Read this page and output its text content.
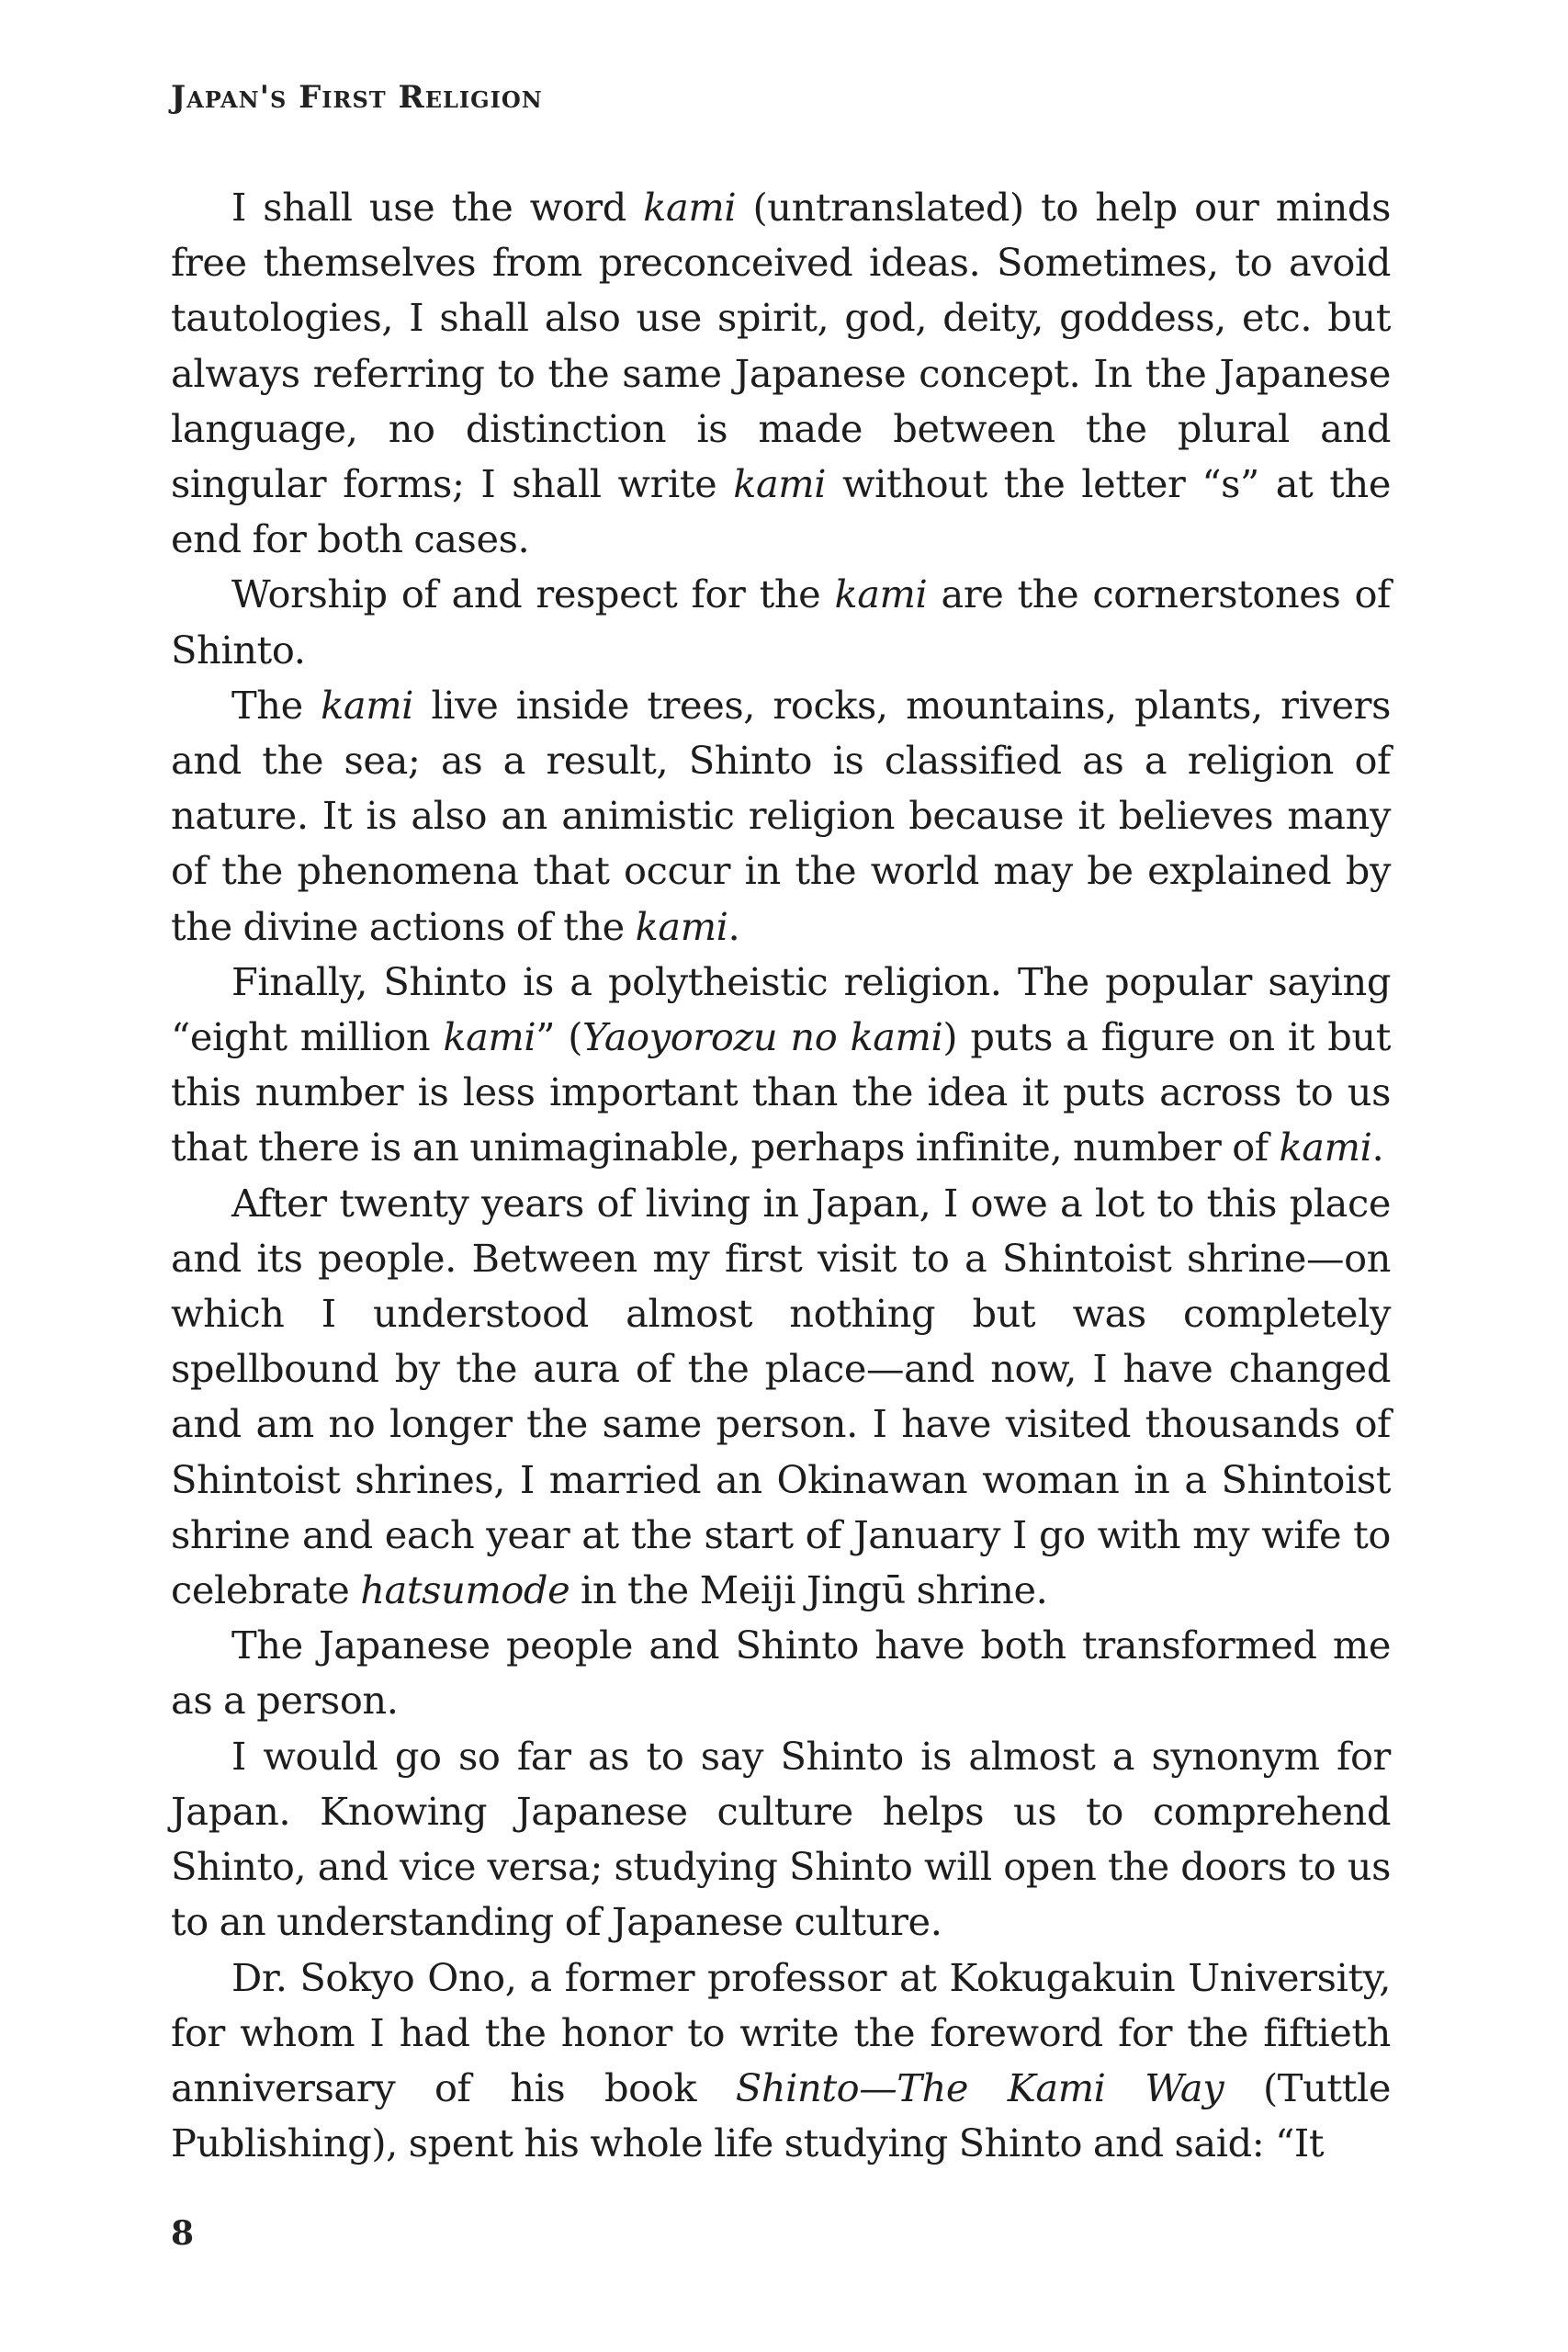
Japan's First Religion

I shall use the word kami (untranslated) to help our minds free themselves from preconceived ideas. Sometimes, to avoid tautologies, I shall also use spirit, god, deity, goddess, etc. but always referring to the same Japanese concept. In the Japanese language, no distinction is made between the plural and singular forms; I shall write kami without the letter “s” at the end for both cases.

Worship of and respect for the kami are the cornerstones of Shinto.

The kami live inside trees, rocks, mountains, plants, rivers and the sea; as a result, Shinto is classified as a religion of nature. It is also an animistic religion because it believes many of the phenomena that occur in the world may be explained by the divine actions of the kami.

Finally, Shinto is a polytheistic religion. The popular saying “eight million kami” (Yaoyorozu no kami) puts a figure on it but this number is less important than the idea it puts across to us that there is an unimaginable, perhaps infinite, number of kami.

After twenty years of living in Japan, I owe a lot to this place and its people. Between my first visit to a Shintoist shrine—on which I understood almost nothing but was completely spellbound by the aura of the place—and now, I have changed and am no longer the same person. I have visited thousands of Shintoist shrines, I married an Okinawan woman in a Shintoist shrine and each year at the start of January I go with my wife to celebrate hatsumode in the Meiji Jingū shrine.

The Japanese people and Shinto have both transformed me as a person.

I would go so far as to say Shinto is almost a synonym for Japan. Knowing Japanese culture helps us to comprehend Shinto, and vice versa; studying Shinto will open the doors to us to an understanding of Japanese culture.

Dr. Sokyo Ono, a former professor at Kokugakuin University, for whom I had the honor to write the foreword for the fiftieth anniversary of his book Shinto—The Kami Way (Tuttle Publishing), spent his whole life studying Shinto and said: “It

8
